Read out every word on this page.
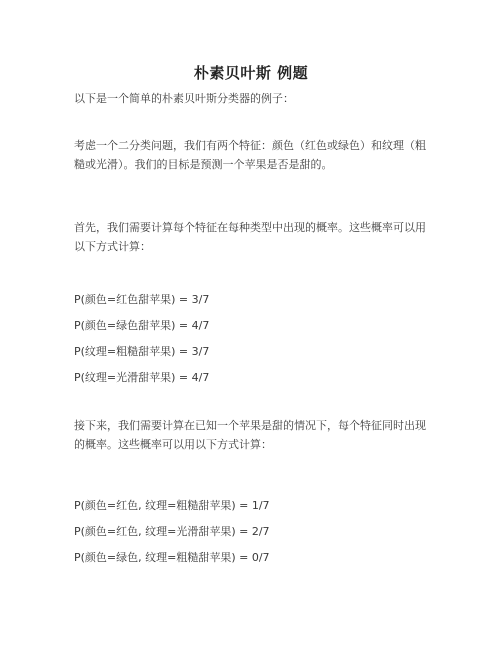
朴素贝叶斯 例题
以下是一个简单的朴素贝叶斯分类器的例子：
考虑一个二分类问题，我们有两个特征：颜色（红色或绿色）和纹理（粗糙或光滑）。我们的目标是预测一个苹果是否是甜的。
首先，我们需要计算每个特征在每种类型中出现的概率。这些概率可以用以下方式计算：
P(颜色=红色甜苹果) = 3/7
P(颜色=绿色甜苹果) = 4/7
P(纹理=粗糙甜苹果) = 3/7
P(纹理=光滑甜苹果) = 4/7
接下来，我们需要计算在已知一个苹果是甜的情况下，每个特征同时出现的概率。这些概率可以用以下方式计算：
P(颜色=红色, 纹理=粗糙甜苹果) = 1/7
P(颜色=红色, 纹理=光滑甜苹果) = 2/7
P(颜色=绿色, 纹理=粗糙甜苹果) = 0/7
